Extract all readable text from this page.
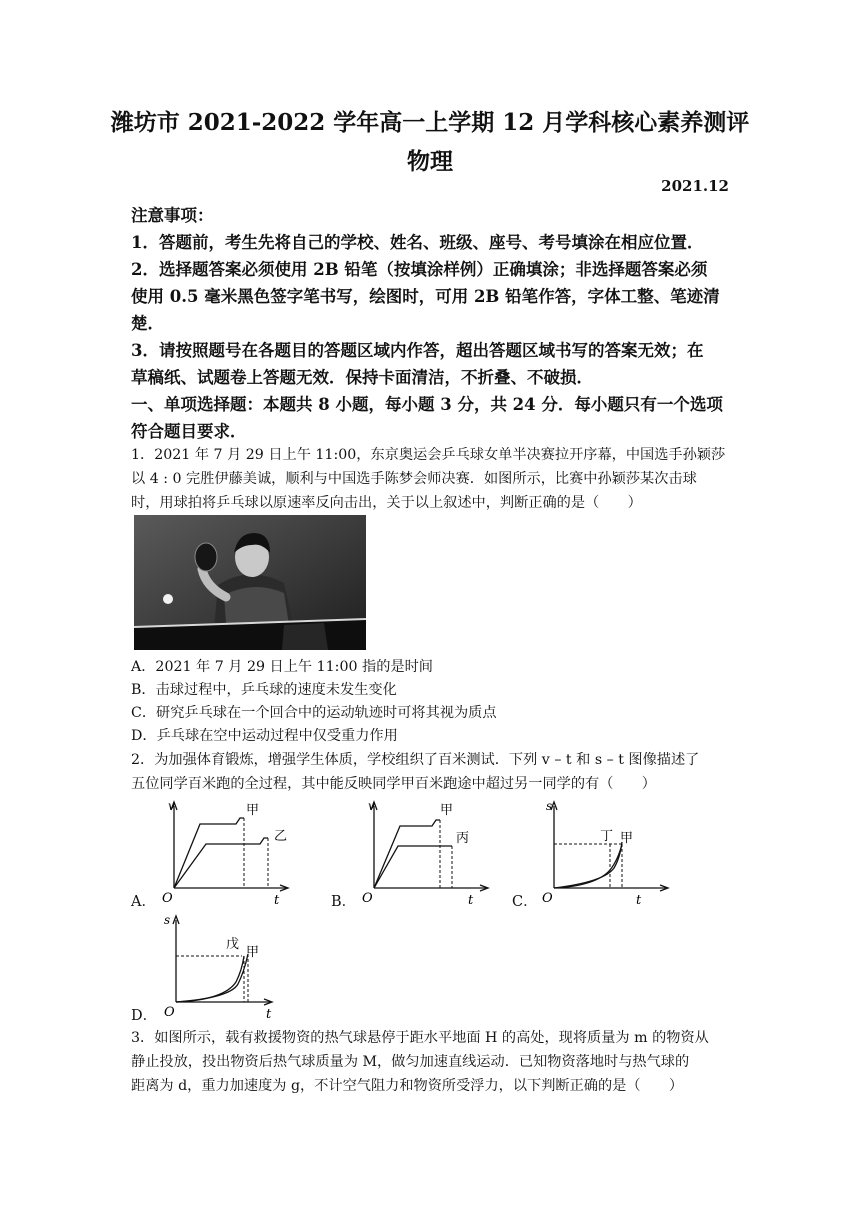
潍坊市 2021-2022 学年高一上学期 12 月学科核心素养测评
物理
2021.12
注意事项：
1．答题前，考生先将自己的学校、姓名、班级、座号、考号填涂在相应位置．
2．选择题答案必须使用 2B 铅笔（按填涂样例）正确填涂；非选择题答案必须
使用 0.5 毫米黑色签字笔书写，绘图时，可用 2B 铅笔作答，字体工整、笔迹清
楚．
3．请按照题号在各题目的答题区域内作答，超出答题区域书写的答案无效；在
草稿纸、试题卷上答题无效．保持卡面清洁，不折叠、不破损．
一、单项选择题：本题共 8 小题，每小题 3 分，共 24 分．每小题只有一个选项
符合题目要求．
1．2021 年 7 月 29 日上午 11:00，东京奥运会乒乓球女单半决赛拉开序幕，中国选手孙颖莎
以 4 : 0 完胜伊藤美诚，顺利与中国选手陈梦会师决赛．如图所示，比赛中孙颖莎某次击球
时，用球拍将乒乓球以原速率反向击出，关于以上叙述中，判断正确的是（　　）
A．2021 年 7 月 29 日上午 11:00 指的是时间
B．击球过程中，乒乓球的速度未发生变化
C．研究乒乓球在一个回合中的运动轨迹时可将其视为质点
D．乒乓球在空中运动过程中仅受重力作用
2．为加强体育锻炼，增强学生体质，学校组织了百米测试．下列 v – t 和 s – t 图像描述了
五位同学百米跑的全过程，其中能反映同学甲百米跑途中超过另一同学的有（　　）
A．
v
O	t
甲
乙
B．
v
O	t
甲
丙
C．
s
O	t
丁 甲
D．
s
O	t
戊
甲
3．如图所示，载有救援物资的热气球悬停于距水平地面 H 的高处，现将质量为 m 的物资从
静止投放，投出物资后热气球质量为 M，做匀加速直线运动．已知物资落地时与热气球的
距离为 d，重力加速度为 g，不计空气阻力和物资所受浮力，以下判断正确的是（　　）
